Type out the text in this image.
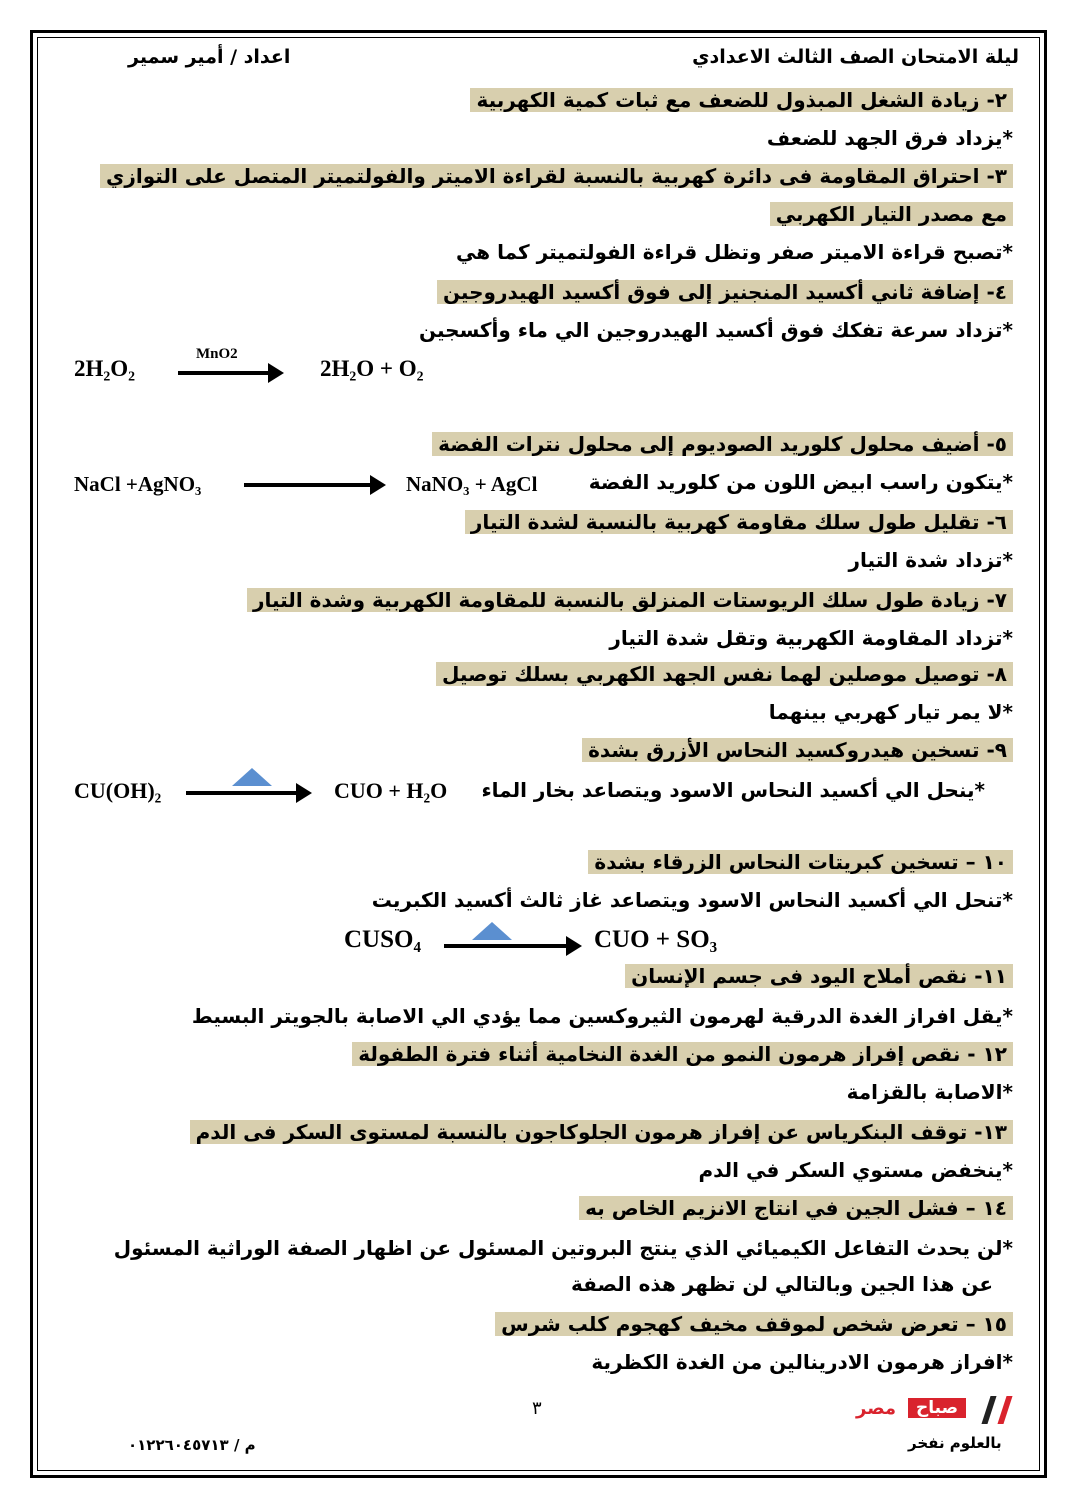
ليلة الامتحان الصف الثالث الاعدادي
اعداد / أمير سمير
٢- زيادة الشغل المبذول للضعف مع ثبات كمية الكهربية
*يزداد فرق الجهد للضعف
٣- احتراق المقاومة فى دائرة كهربية بالنسبة لقراءة الاميتر والفولتميتر المتصل على التوازي
مع مصدر التيار الكهربي
*تصبح قراءة الاميتر صفر وتظل قراءة الفولتميتر كما هي
٤- إضافة ثاني أكسيد المنجنيز إلى فوق أكسيد الهيدروجين
*تزداد سرعة تفكك فوق أكسيد الهيدروجين الي ماء وأكسجين
2H₂O₂
MnO2
2H₂O + O₂
٥- أضيف محلول كلوريد الصوديوم إلى محلول نترات الفضة
*يتكون راسب ابيض اللون من كلوريد الفضة
NaCl +AgNO₃	NaNO₃ + AgCl
٦- تقليل طول سلك مقاومة كهربية بالنسبة لشدة التيار
*تزداد شدة التيار
٧- زيادة طول سلك الريوستات المنزلق بالنسبة للمقاومة الكهربية وشدة التيار
*تزداد المقاومة الكهربية وتقل شدة التيار
٨- توصيل موصلين لهما نفس الجهد الكهربي بسلك توصيل
*لا يمر تيار كهربي بينهما
٩- تسخين هيدروكسيد النحاس الأزرق بشدة
*ينحل الي أكسيد النحاس الاسود ويتصاعد بخار الماء
CU(OH)₂	CUO + H₂O
١٠ – تسخين كبريتات النحاس الزرقاء بشدة
*تنحل الي أكسيد النحاس الاسود ويتصاعد غاز ثالث أكسيد الكبريت
CUSO₄	CUO + SO₃
١١- نقص أملاح اليود فى جسم الإنسان
*يقل افراز الغدة الدرقية لهرمون الثيروكسين مما يؤدي الي الاصابة بالجويتر البسيط
١٢ - نقص إفراز هرمون النمو من الغدة النخامية أثناء فترة الطفولة
*الاصابة بالقزامة
١٣- توقف البنكرياس عن إفراز هرمون الجلوكاجون بالنسبة لمستوى السكر فى الدم
*ينخفض مستوي السكر في الدم
١٤ – فشل الجين في انتاج الانزيم الخاص به
*لن يحدث التفاعل الكيميائي الذي ينتج البروتين المسئول عن اظهار الصفة الوراثية المسئول
عن هذا الجين وبالتالي لن تظهر هذه الصفة
١٥ – تعرض شخص لموقف مخيف كهجوم كلب شرس
*افراز هرمون الادرينالين من الغدة الكظرية
٣
م / ٠١٢٢٦٠٤٥٧١٣
مصر	صباح
بالعلوم نفخر
